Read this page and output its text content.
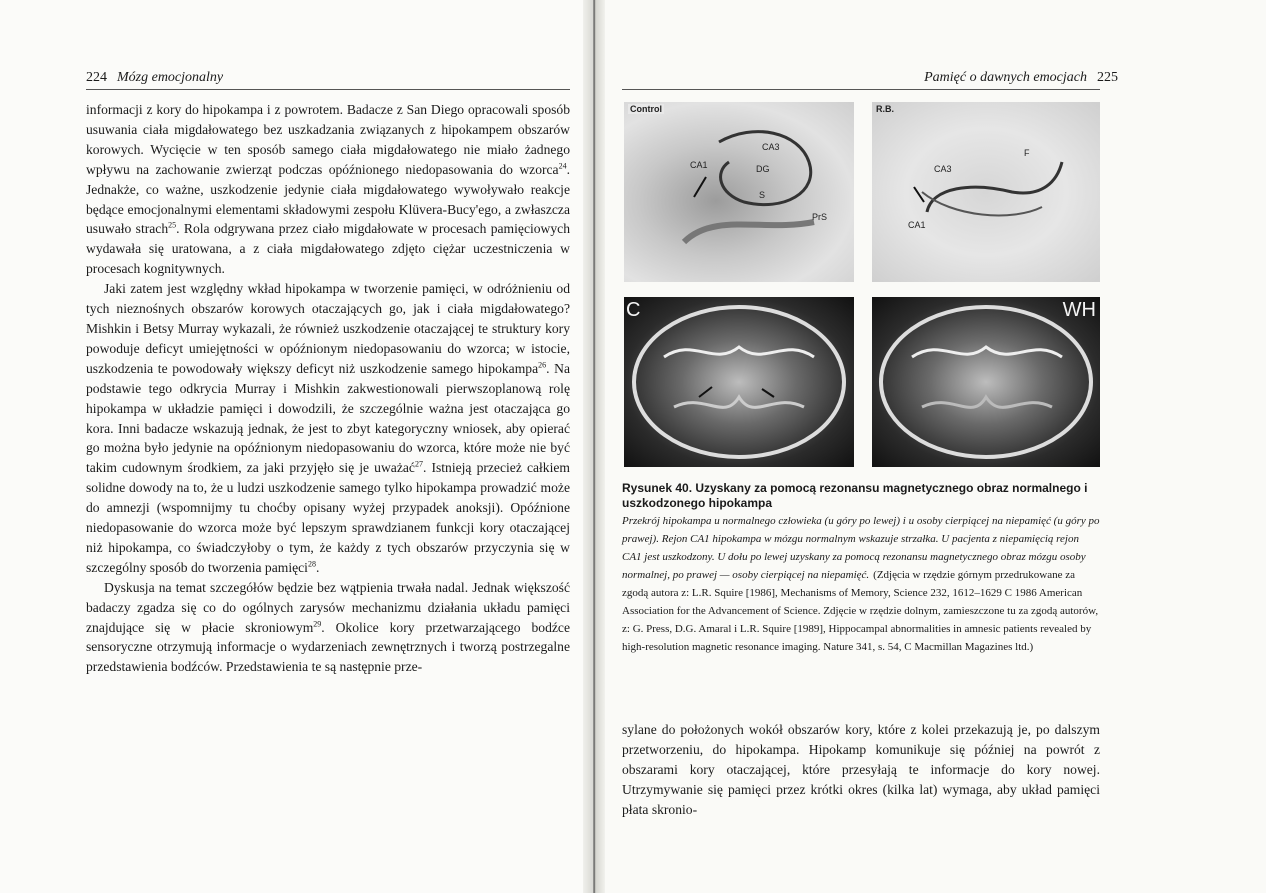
224 Mózg emocjonalny

informacji z kory do hipokampa i z powrotem. Badacze z San Diego opracowali sposób usuwania ciała migdałowatego bez uszkadzania związanych z hipokampem obszarów korowych. Wycięcie w ten sposób samego ciała migdałowatego nie miało żadnego wpływu na zachowanie zwierząt podczas opóźnionego niedopasowania do wzorca$^{24}$. Jednakże, co ważne, uszkodzenie jedynie ciała migdałowatego wywoływało reakcje będące emocjonalnymi elementami składowymi zespołu Klüvera-Bucy'ego, a zwłaszcza usuwało strach$^{25}$. Rola odgrywana przez ciało migdałowate w procesach pamięciowych wydawała się uratowana, a z ciała migdałowatego zdjęto ciężar uczestniczenia w procesach kognitywnych.

Jaki zatem jest względny wkład hipokampa w tworzenie pamięci, w odróżnieniu od tych nieznośnych obszarów korowych otaczających go, jak i ciała migdałowatego? Mishkin i Betsy Murray wykazali, że również uszkodzenie otaczającej te struktury kory powoduje deficyt umiejętności w opóźnionym niedopasowaniu do wzorca; w istocie, uszkodzenia te powodowały większy deficyt niż uszkodzenie samego hipokampa$^{26}$. Na podstawie tego odkrycia Murray i Mishkin zakwestionowali pierwszoplanową rolę hipokampa w układzie pamięci i dowodzili, że szczególnie ważna jest otaczająca go kora. Inni badacze wskazują jednak, że jest to zbyt kategoryczny wniosek, aby opierać go można było jedynie na opóźnionym niedopasowaniu do wzorca, które może nie być takim cudownym środkiem, za jaki przyjęło się je uważać$^{27}$. Istnieją przecież całkiem solidne dowody na to, że u ludzi uszkodzenie samego tylko hipokampa prowadzić może do amnezji (wspomnijmy tu choćby opisany wyżej przypadek anoksji). Opóźnione niedopasowanie do wzorca może być lepszym sprawdzianem funkcji kory otaczającej niż hipokampa, co świadczyłoby o tym, że każdy z tych obszarów przyczynia się w szczególny sposób do tworzenia pamięci$^{28}$.

Dyskusja na temat szczegółów będzie bez wątpienia trwała nadal. Jednak większość badaczy zgadza się co do ogólnych zarysów mechanizmu działania układu pamięci znajdujące się w płacie skroniowym$^{29}$. Okolice kory przetwarzającego bodźce sensoryczne otrzymują informacje o wydarzeniach zewnętrznych i tworzą postrzegalne przedstawienia bodźców. Przedstawienia te są następnie prze-

Pamięć o dawnych emocjach 225
Control
CA3
CA1	DG
S
PrS
R.B.
CA3
CA1
F
C	WH
Rysunek 40. Uzyskany za pomocą rezonansu magnetycznego obraz normalnego i uszkodzonego hipokampa
Przekrój hipokampa u normalnego człowieka (u góry po lewej) i u osoby cierpiącej na niepamięć (u góry po prawej). Rejon CA1 hipokampa w mózgu normalnym wskazuje strzałka. U pacjenta z niepamięcią rejon CA1 jest uszkodzony. U dołu po lewej uzyskany za pomocą rezonansu magnetycznego obraz mózgu osoby normalnej, po prawej — osoby cierpiącej na niepamięć. (Zdjęcia w rzędzie górnym przedrukowane za zgodą autora z: L.R. Squire [1986], Mechanisms of Memory, Science 232, 1612–1629 C 1986 American Association for the Advancement of Science. Zdjęcie w rzędzie dolnym, zamieszczone tu za zgodą autorów, z: G. Press, D.G. Amaral i L.R. Squire [1989], Hippocampal abnormalities in amnesic patients revealed by high-resolution magnetic resonance imaging. Nature 341, s. 54, C Macmillan Magazines ltd.)
sylane do położonych wokół obszarów kory, które z kolei przekazują je, po dalszym przetworzeniu, do hipokampa. Hipokamp komunikuje się później na powrót z obszarami kory otaczającej, które przesyłają te informacje do kory nowej. Utrzymywanie się pamięci przez krótki okres (kilka lat) wymaga, aby układ pamięci płata skronio-
